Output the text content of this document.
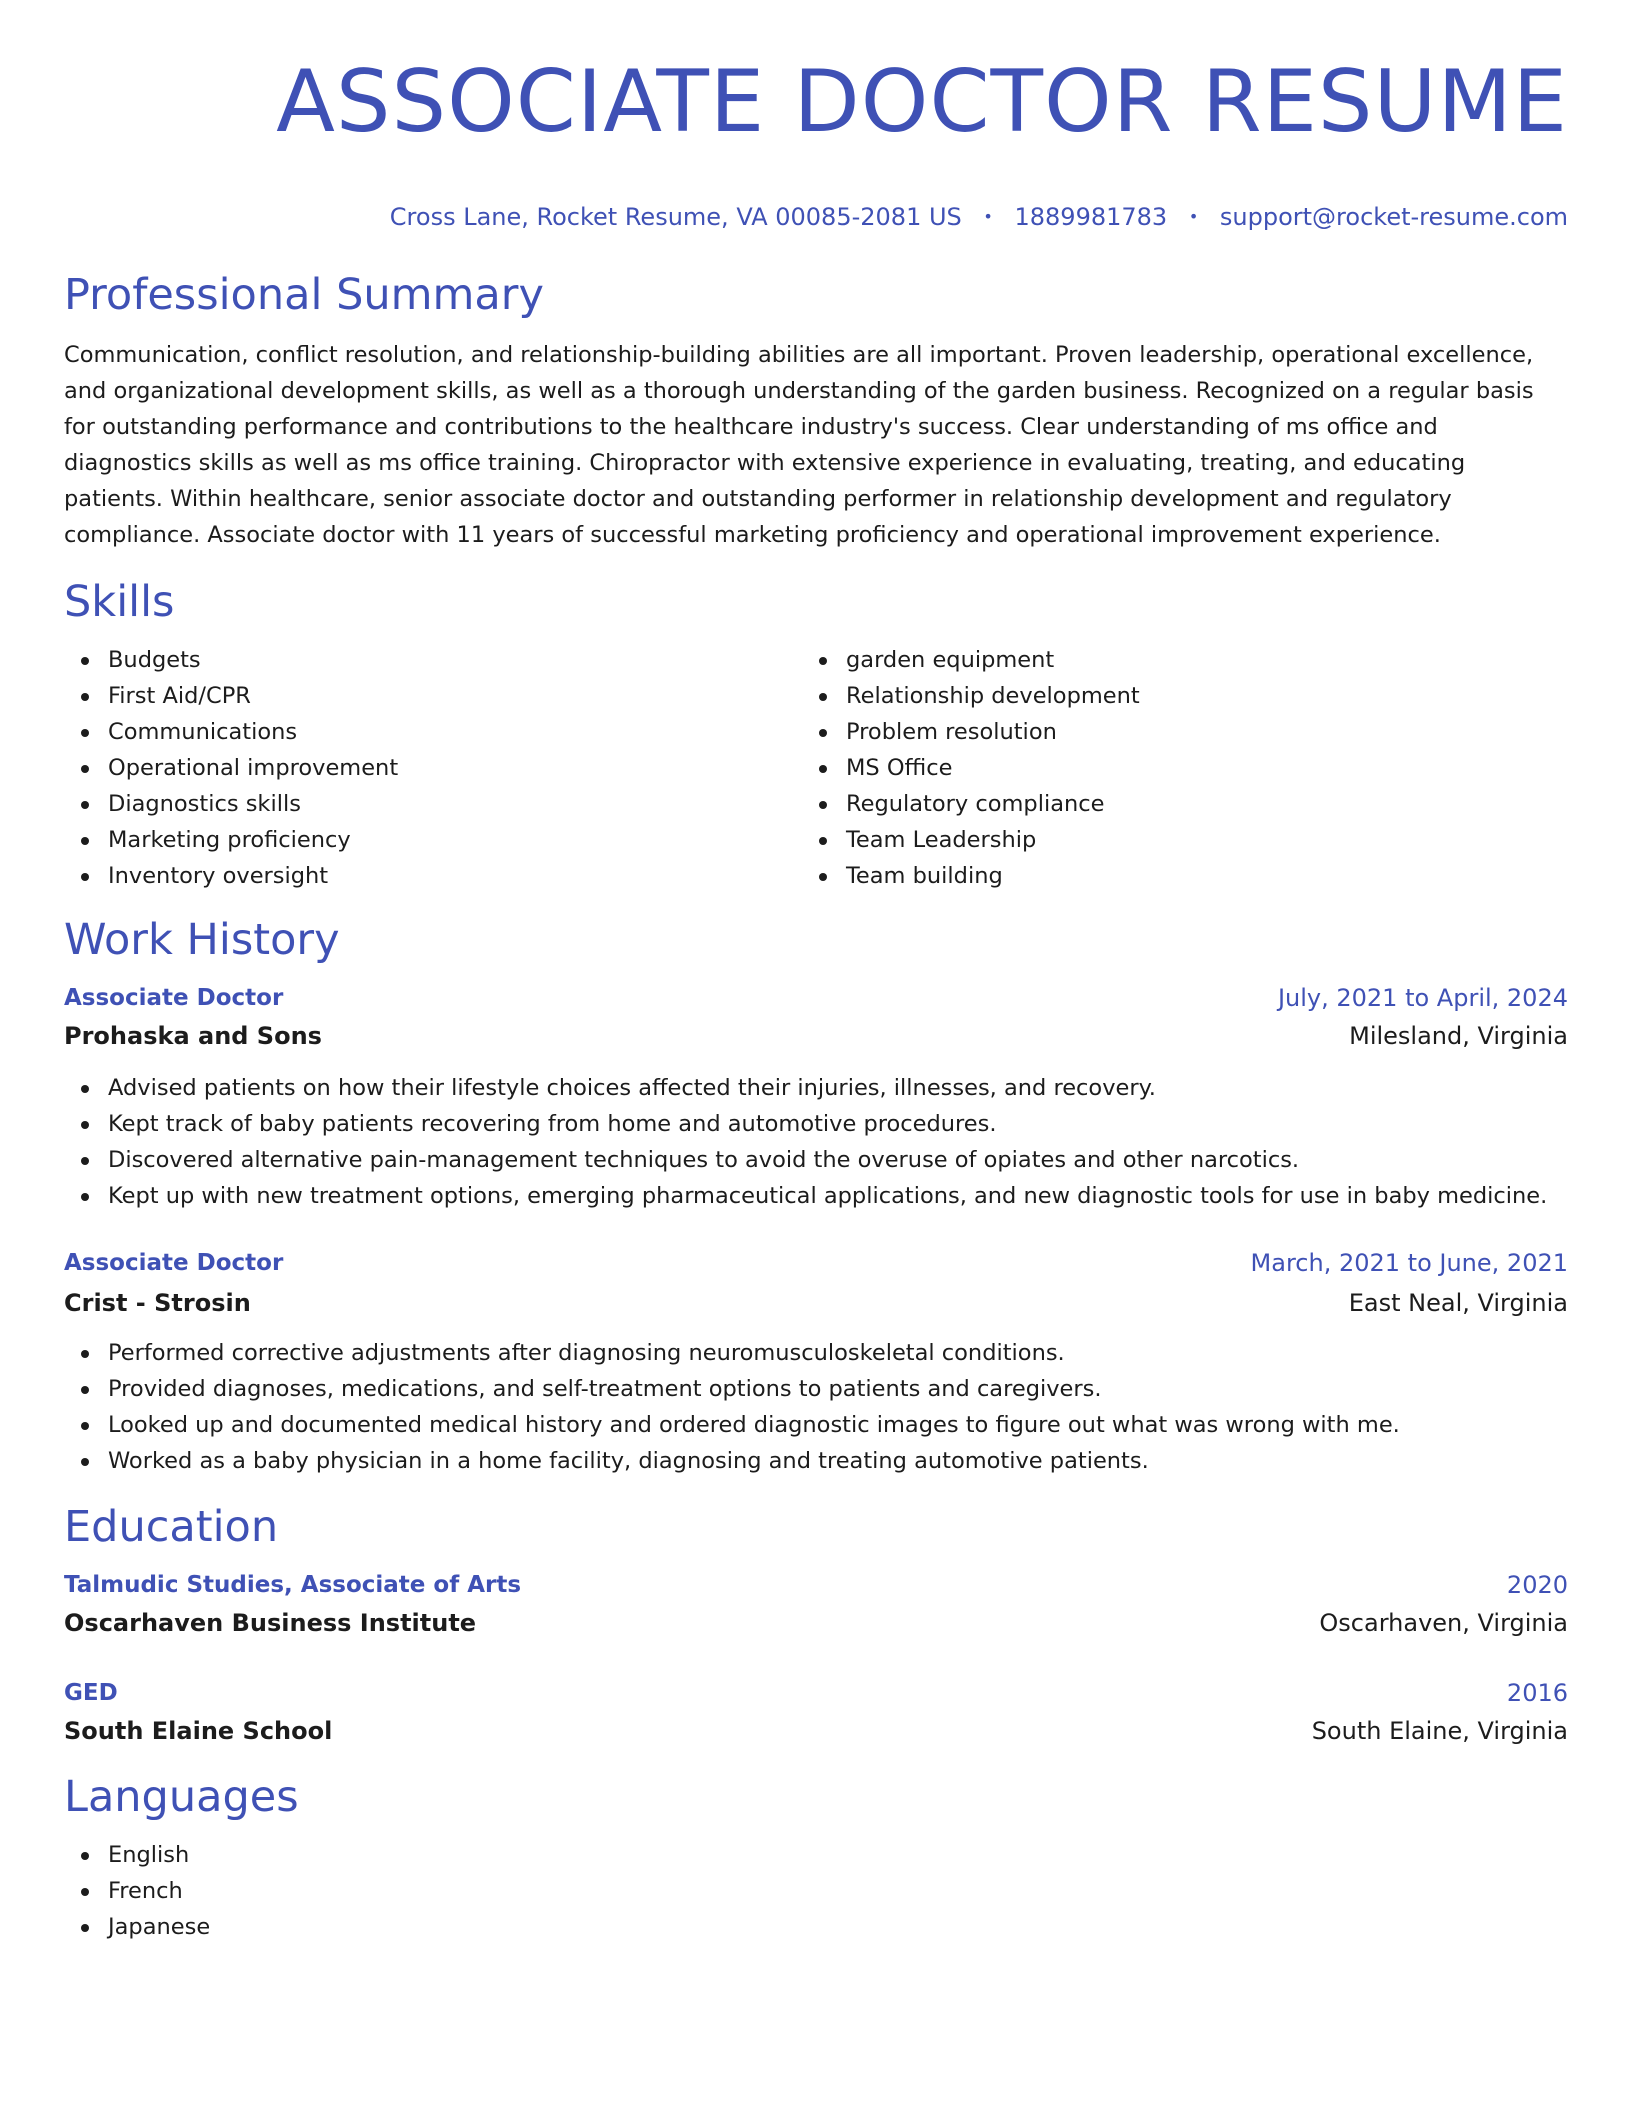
ASSOCIATE DOCTOR RESUME
Cross Lane, Rocket Resume, VA 00085-2081 US • 1889981783 • support@rocket-resume.com
Professional Summary

Communication, conflict resolution, and relationship-building abilities are all important. Proven leadership, operational excellence, and organizational development skills, as well as a thorough understanding of the garden business. Recognized on a regular basis for outstanding performance and contributions to the healthcare industry's success. Clear understanding of ms office and diagnostics skills as well as ms office training. Chiropractor with extensive experience in evaluating, treating, and educating patients. Within healthcare, senior associate doctor and outstanding performer in relationship development and regulatory compliance. Associate doctor with 11 years of successful marketing proficiency and operational improvement experience.

Skills
Budgets
First Aid/CPR
Communications
Operational improvement
Diagnostics skills
Marketing proficiency
Inventory oversight
garden equipment
Relationship development
Problem resolution
MS Office
Regulatory compliance
Team Leadership
Team building
Work History
Associate Doctor	July, 2021 to April, 2024
Prohaska and Sons	Milesland, Virginia
Advised patients on how their lifestyle choices affected their injuries, illnesses, and recovery.
Kept track of baby patients recovering from home and automotive procedures.
Discovered alternative pain-management techniques to avoid the overuse of opiates and other narcotics.
Kept up with new treatment options, emerging pharmaceutical applications, and new diagnostic tools for use in baby medicine.
Associate Doctor	March, 2021 to June, 2021
Crist - Strosin	East Neal, Virginia
Performed corrective adjustments after diagnosing neuromusculoskeletal conditions.
Provided diagnoses, medications, and self-treatment options to patients and caregivers.
Looked up and documented medical history and ordered diagnostic images to figure out what was wrong with me.
Worked as a baby physician in a home facility, diagnosing and treating automotive patients.
Education
Talmudic Studies, Associate of Arts	2020
Oscarhaven Business Institute	Oscarhaven, Virginia
GED	2016
South Elaine School	South Elaine, Virginia
Languages
English
French
Japanese
